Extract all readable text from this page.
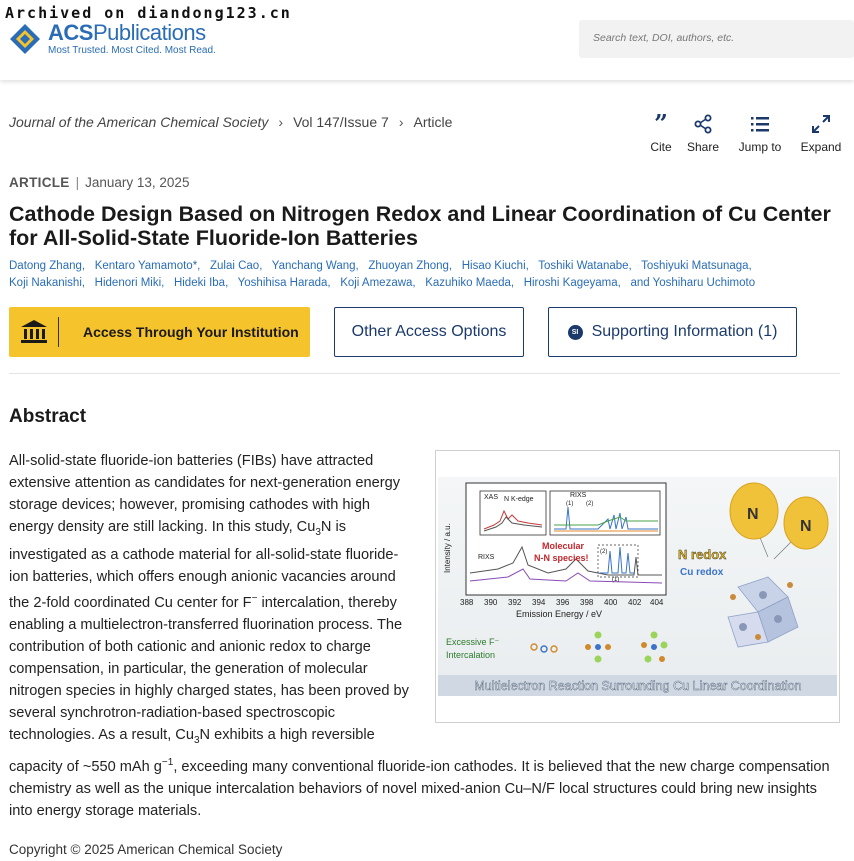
Archived on diandong123.cn
ACSPublications
Most Trusted. Most Cited. Most Read.
Search text, DOI, authors, etc.
Journal of the American Chemical Society › Vol 147/Issue 7 › Article	”
Cite Share Jump to Expand
ARTICLE | January 13, 2025
Cathode Design Based on Nitrogen Redox and Linear Coordination of Cu Center for All-Solid-State Fluoride-Ion Batteries
Datong Zhang, Kentaro Yamamoto*, Zulai Cao, Yanchang Wang, Zhuoyan Zhong, Hisao Kiuchi, Toshiki Watanabe, Toshiyuki Matsunaga,
Koji Nakanishi, Hidenori Miki, Hideki Iba, Yoshihisa Harada, Koji Amezawa, Kazuhiko Maeda, Hiroshi Kageyama, and Yoshiharu Uchimoto
Access Through Your Institution	Other Access Options	SI Supporting Information (1)
Abstract
XAS N K-edge
RIXS
(1) (2)
Intensity / a.u.	RIXS
Molecular
N-N species!
(2)
(1)
388 390 392 394 396 398 400 402 404
Emission Energy / eV
N
N
N redox
Cu redox
Excessive F⁻
Intercalation
Multielectron Reaction Surrounding Cu Linear Coordination
All-solid-state fluoride-ion batteries (FIBs) have attracted extensive attention as candidates for next-generation energy storage devices; however, promising cathodes with high energy density are still lacking. In this study, $Cu_3N$ is investigated as a cathode material for all-solid-state fluoride-ion batteries, which offers enough anionic vacancies around the 2-fold coordinated Cu center for F− intercalation, thereby enabling a multielectron-transferred fluorination process. The contribution of both cationic and anionic redox to charge compensation, in particular, the generation of molecular nitrogen species in highly charged states, has been proved by several synchrotron-radiation-based spectroscopic technologies. As a result, $Cu_3N$ exhibits a high reversible capacity of ~550 mAh $g^{-1}$, exceeding many conventional fluoride-ion cathodes. It is believed that the new charge compensation chemistry as well as the unique intercalation behaviors of novel mixed-anion Cu–N/F local structures could bring new insights into energy storage materials.
Copyright © 2025 American Chemical Society
